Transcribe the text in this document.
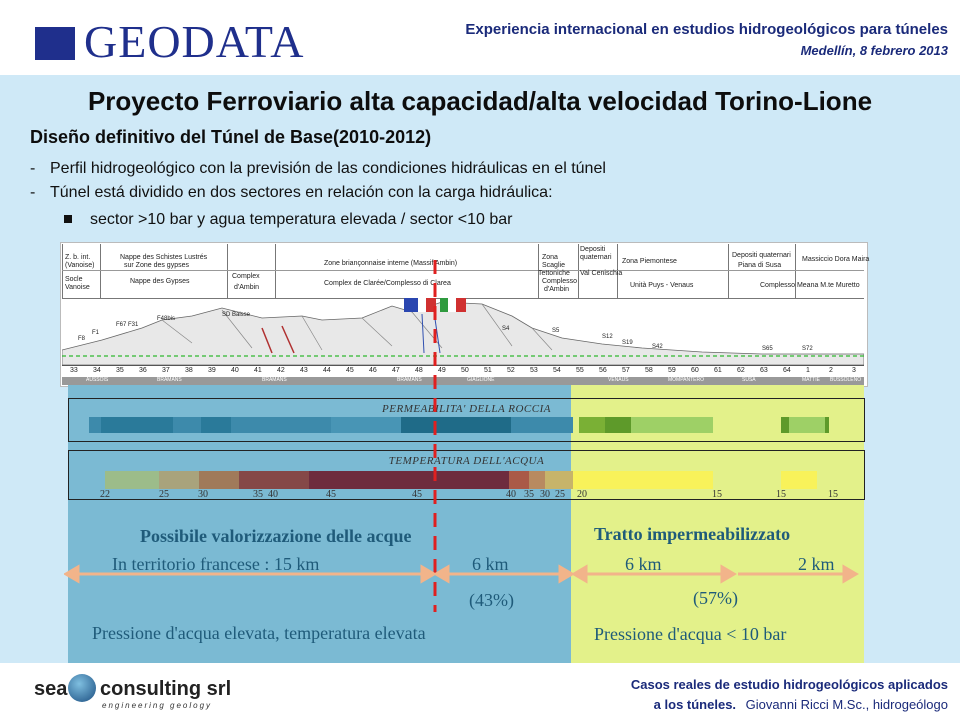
GEODATA	Experiencia internacional en estudios hidrogeológicos para túneles
Medellín, 8 febrero 2013
Proyecto Ferroviario alta capacidad/alta velocidad Torino-Lione
Diseño definitivo del Túnel de Base(2010-2012)
- Perfil hidrogeológico con la previsión de las condiciones hidráulicas en el túnel
- Túnel está dividido en dos sectores en relación con la carga hidráulica:
sector >10 bar y agua temperatura elevada / sector <10 bar
Z. b. int.
(Vanoise)
Socle
Vanoise
Nappe des Schistes Lustrés
sur Zone des gypses
Nappe des Gypses
Complex
d'Ambin
Zone briançonnaise interne (Massif Ambin)
Complex de Clarée/Complesso di Clarea
Zona
Scaglie
Tettoniche
Depositi
quaternari
Val Cenischia
Complesso
d'Ambin
Zona Piemontese
Unità Puys - Venaus
Depositi quaternari
Piana di Susa
Massiccio Dora Maira
Complesso Meana M.te Muretto
F8
F1
F67 F31
F48bis
SD Baisse
S4	S5
S12
S19
S42	S65	S72
33 34 35 36 37 38 39 40 41 42 43 44 45 46 47 48 49 50 51 52 53 54 55 56 57 58 59 60 61 62 63 64 1	2	3
AUSSOIS	BRAMANS	BRAMANS	BRAMANS	GIAGLIONE	VENAUS	MOMPANTERO	SUSA	MATTIE BUSSOLENO
PERMEABILITA' DELLA ROCCIA
TEMPERATURA DELL'ACQUA
22	25	30	35 40	45	45	40 35 30 25 20	15	15	15
Possibile valorizzazione delle acque	Tratto impermeabilizzato
In territorio francese : 15 km	6 km	6 km	2 km
(43%)	(57%)
Pressione d'acqua elevata, temperatura elevata	Pressione d'acqua < 10 bar
sea consulting srl
engineering geology
Casos reales de estudio hidrogeológicos aplicados
a los túneles. Giovanni Ricci M.Sc., hidrogeólogo
